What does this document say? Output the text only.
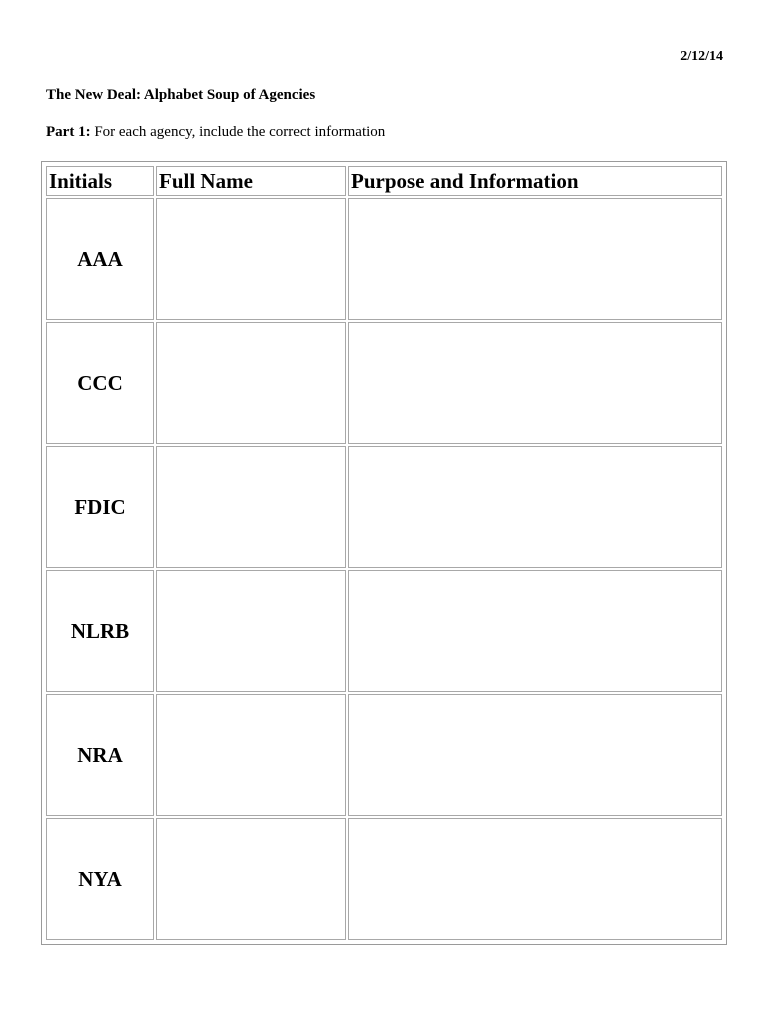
2/12/14
The New Deal: Alphabet Soup of Agencies
Part 1: For each agency, include the correct information
Initials	Full Name	Purpose and Information
AAA		
CCC		
FDIC		
NLRB		
NRA		
NYA		
